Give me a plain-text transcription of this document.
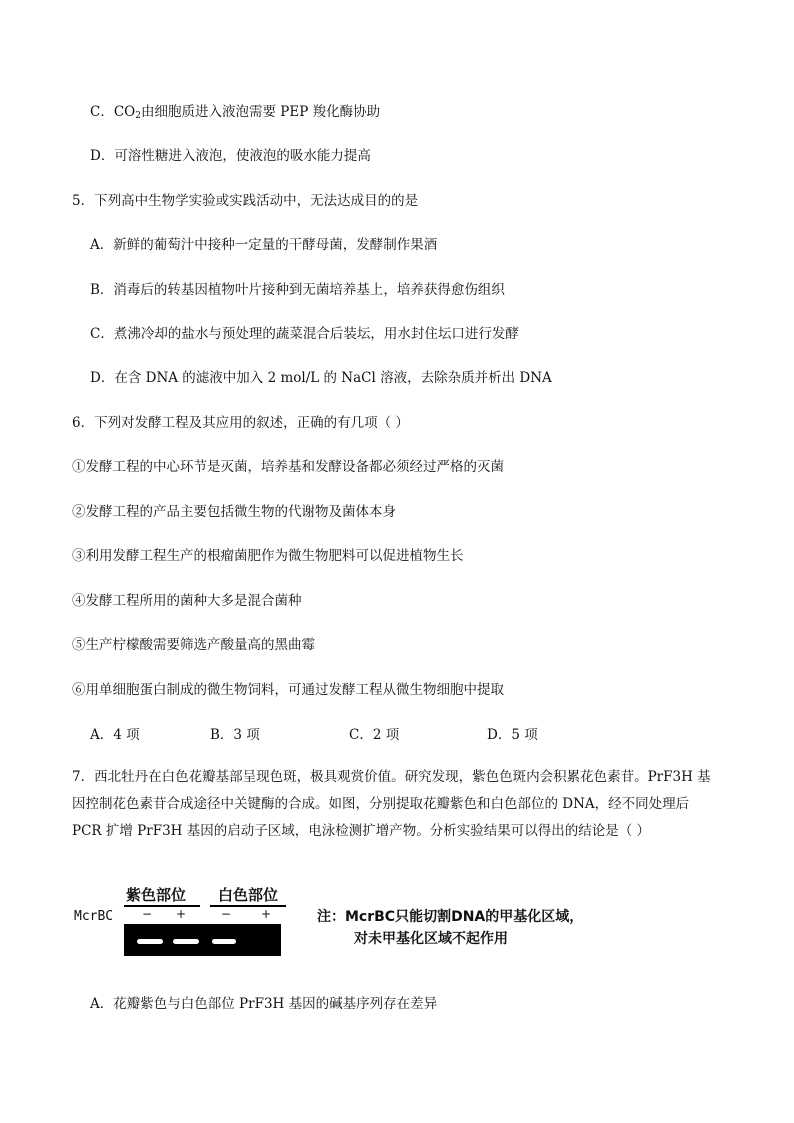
C．$CO_2$由细胞质进入液泡需要 PEP 羧化酶协助
D．可溶性糖进入液泡，使液泡的吸水能力提高
5．下列高中生物学实验或实践活动中，无法达成目的的是
A．新鲜的葡萄汁中接种一定量的干酵母菌，发酵制作果酒
B．消毒后的转基因植物叶片接种到无菌培养基上，培养获得愈伤组织
C．煮沸冷却的盐水与预处理的蔬菜混合后装坛，用水封住坛口进行发酵
D．在含 DNA 的滤液中加入 2 mol/L 的 NaCl 溶液，去除杂质并析出 DNA
6．下列对发酵工程及其应用的叙述，正确的有几项（ ）
①发酵工程的中心环节是灭菌，培养基和发酵设备都必须经过严格的灭菌
②发酵工程的产品主要包括微生物的代谢物及菌体本身
③利用发酵工程生产的根瘤菌肥作为微生物肥料可以促进植物生长
④发酵工程所用的菌种大多是混合菌种
⑤生产柠檬酸需要筛选产酸量高的黑曲霉
⑥用单细胞蛋白制成的微生物饲料，可通过发酵工程从微生物细胞中提取
A．4 项	B．3 项	C．2 项	D．5 项
7．西北牡丹在白色花瓣基部呈现色斑，极具观赏价值。研究发现，紫色色斑内会积累花色素苷。PrF3H 基因控制花色素苷合成途径中关键酶的合成。如图，分别提取花瓣紫色和白色部位的 DNA，经不同处理后 PCR 扩增 PrF3H 基因的启动子区域，电泳检测扩增产物。分析实验结果可以得出的结论是（ ）
紫色部位 白色部位
McrBC − +	− +	注：McrBC只能切割DNA的甲基化区域，
对未甲基化区域不起作用
A．花瓣紫色与白色部位 PrF3H 基因的碱基序列存在差异
